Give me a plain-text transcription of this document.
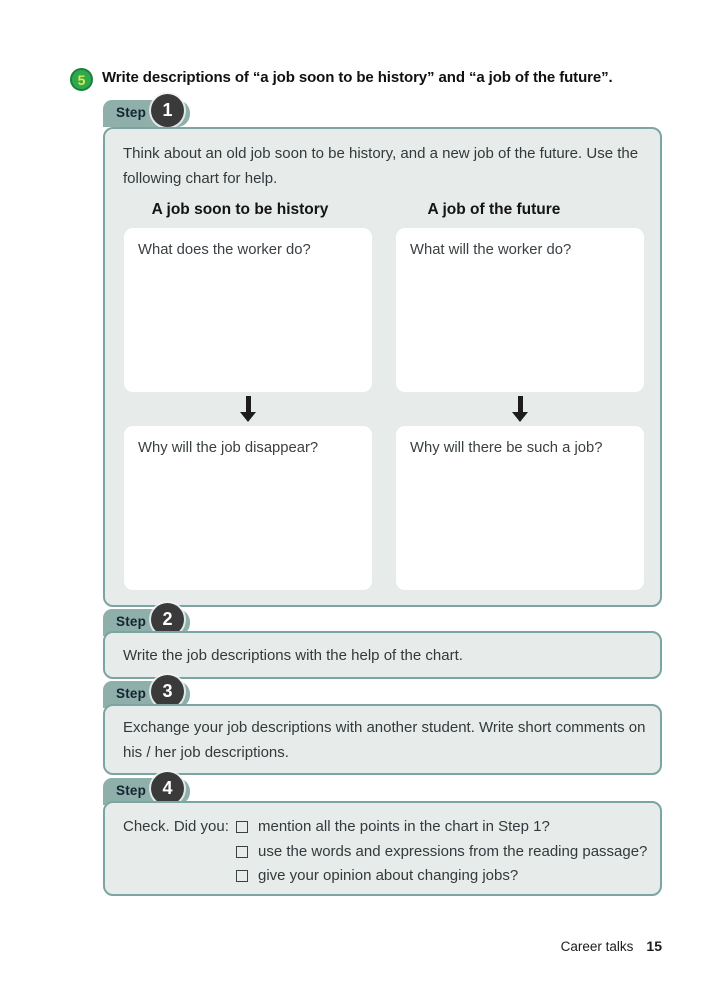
5 Write descriptions of “a job soon to be history” and “a job of the future”.
Step 1

Think about an old job soon to be history, and a new job of the future. Use the following chart for help.

A job soon to be history	A job of the future
What does the worker do?	What will the worker do?
Why will the job disappear?	Why will there be such a job?
Step 2

Write the job descriptions with the help of the chart.

Step 3

Exchange your job descriptions with another student. Write short comments on his / her job descriptions.

Step 4
Check. Did you:	mention all the points in the chart in Step 1?
use the words and expressions from the reading passage?
give your opinion about changing jobs?
Career talks 15
